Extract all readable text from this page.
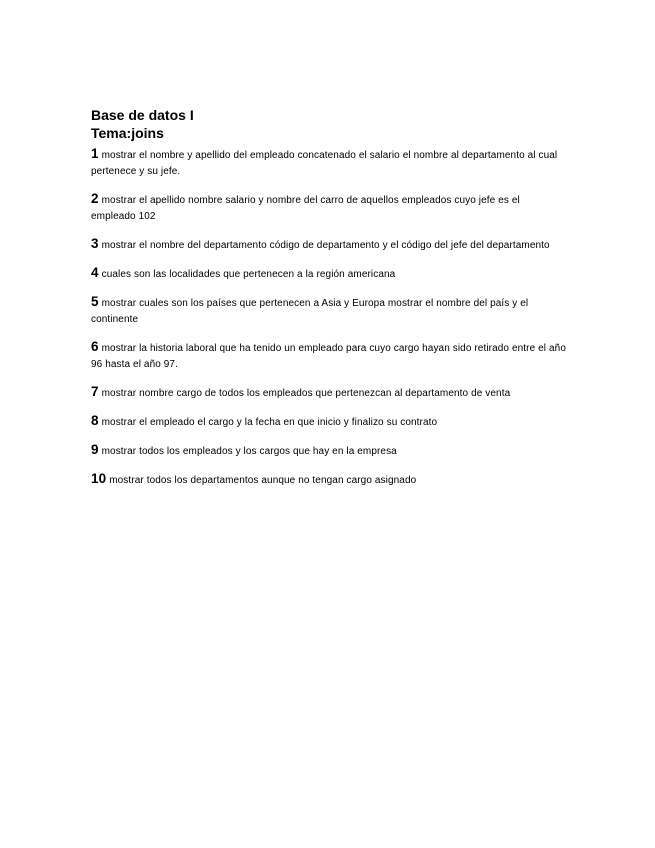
Base de datos I
Tema:joins
1 mostrar el nombre y apellido del empleado concatenado el salario el nombre al departamento al cual pertenece y su jefe.
2 mostrar el apellido nombre salario y nombre del carro de aquellos empleados cuyo jefe es el empleado 102
3 mostrar el nombre del departamento código de departamento y el código del jefe del departamento
4 cuales son las localidades que pertenecen a la región americana
5 mostrar cuales son los países que pertenecen a Asia y Europa mostrar el nombre del país y el continente
6 mostrar la historia laboral que ha tenido un empleado para cuyo cargo hayan sido retirado entre el año 96 hasta el año 97.
7 mostrar nombre cargo de todos los empleados que pertenezcan al departamento de venta
8 mostrar el empleado el cargo y la fecha en que inicio y finalizo su contrato
9 mostrar todos los empleados y los cargos que hay en la empresa
10 mostrar todos los departamentos aunque no tengan cargo asignado
